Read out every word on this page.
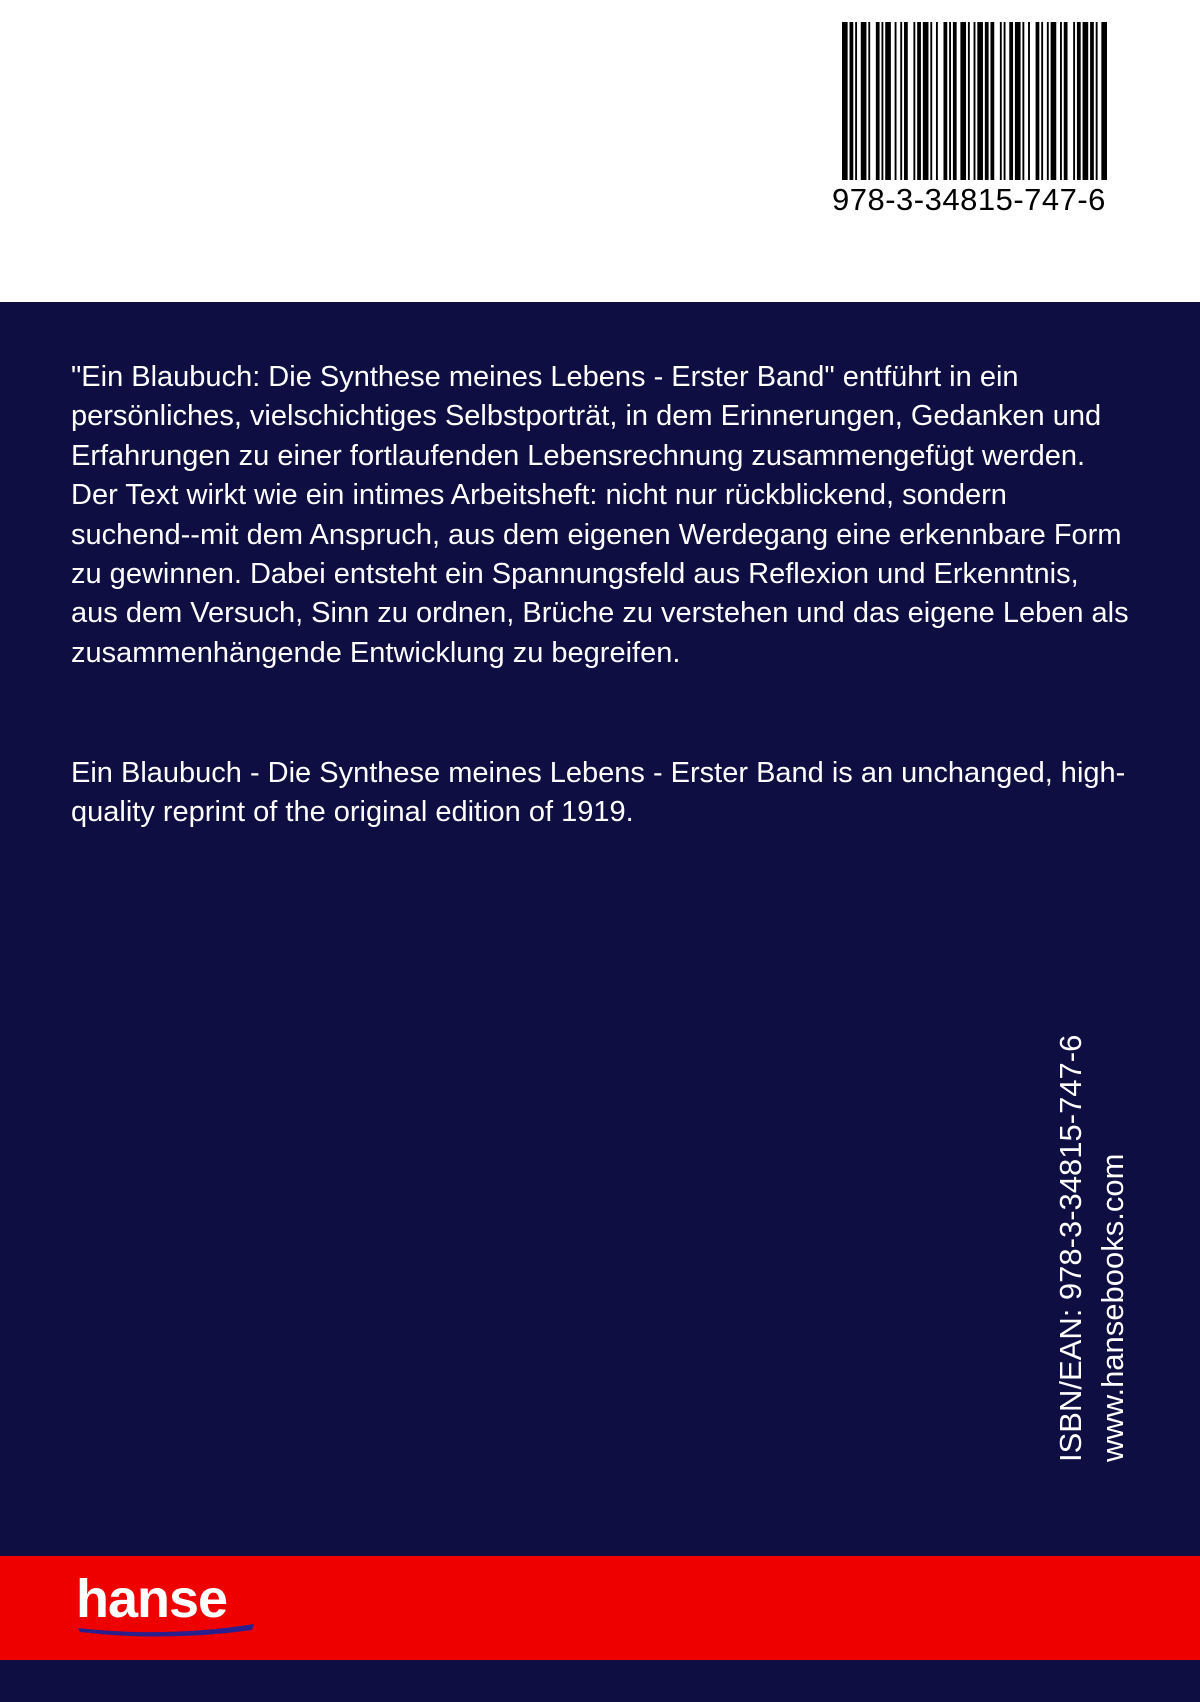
978-3-34815-747-6

"Ein Blaubuch: Die Synthese meines Lebens - Erster Band" entführt in ein persönliches, vielschichtiges Selbstporträt, in dem Erinnerungen, Gedanken und Erfahrungen zu einer fortlaufenden Lebensrechnung zusammengefügt werden. Der Text wirkt wie ein intimes Arbeitsheft: nicht nur rückblickend, sondern suchend--mit dem Anspruch, aus dem eigenen Werdegang eine erkennbare Form zu gewinnen. Dabei entsteht ein Spannungsfeld aus Reflexion und Erkenntnis, aus dem Versuch, Sinn zu ordnen, Brüche zu verstehen und das eigene Leben als zusammenhängende Entwicklung zu begreifen.

Ein Blaubuch - Die Synthese meines Lebens - Erster Band is an unchanged, high-quality reprint of the original edition of 1919.

ISBN/EAN: 978-3-34815-747-6 www.hansebooks.com
hanse
